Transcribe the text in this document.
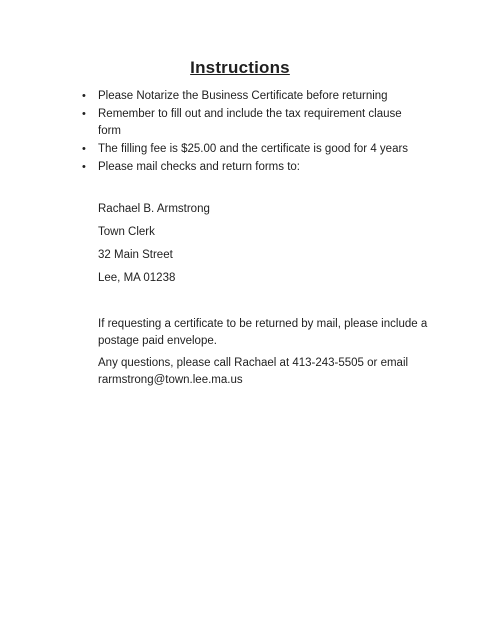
Instructions
• Please Notarize the Business Certificate before returning
• Remember to fill out and include the tax requirement clause form
• The filling fee is $25.00 and the certificate is good for 4 years
• Please mail checks and return forms to:
Rachael B. Armstrong
Town Clerk
32 Main Street
Lee, MA 01238

If requesting a certificate to be returned by mail, please include a postage paid envelope.

Any questions, please call Rachael at 413-243-5505 or email rarmstrong@town.lee.ma.us
